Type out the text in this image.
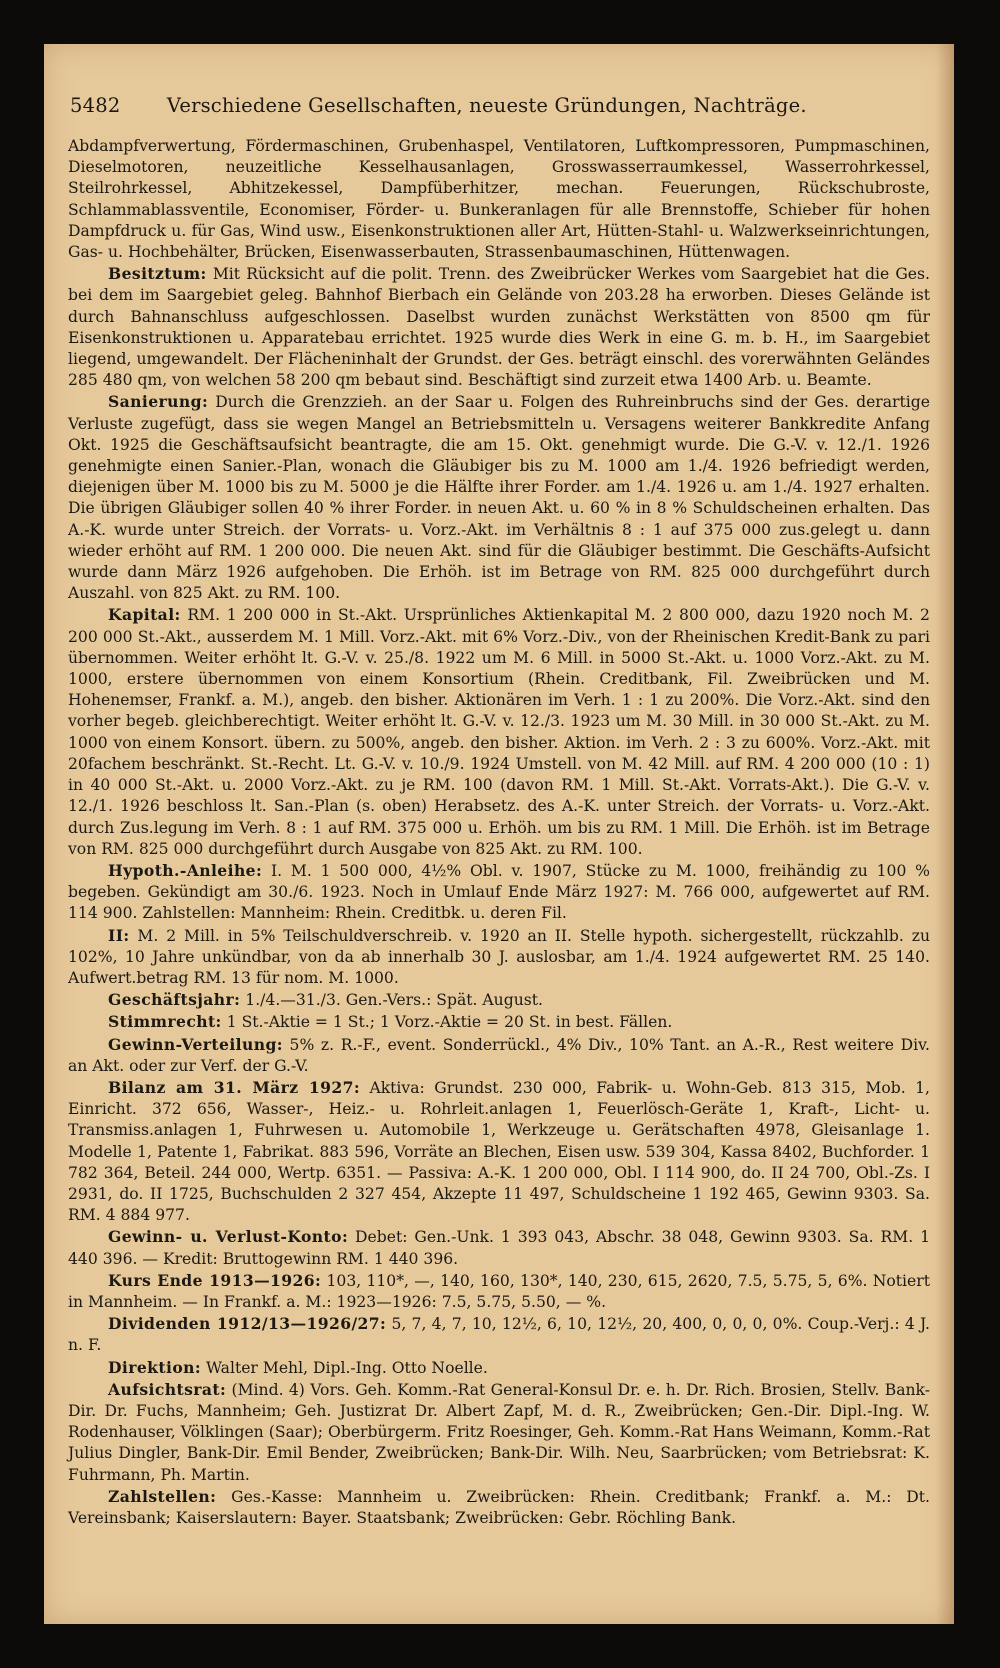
5482 Verschiedene Gesellschaften, neueste Gründungen, Nachträge.

Abdampfverwertung, Fördermaschinen, Grubenhaspel, Ventilatoren, Luftkompressoren, Pumpmaschinen, Dieselmotoren, neuzeitliche Kesselhausanlagen, Grosswasserraumkessel, Wasserrohrkessel, Steilrohrkessel, Abhitzekessel, Dampfüberhitzer, mechan. Feuerungen, Rückschubroste, Schlammablassventile, Economiser, Förder- u. Bunkeranlagen für alle Brennstoffe, Schieber für hohen Dampfdruck u. für Gas, Wind usw., Eisenkonstruktionen aller Art, Hütten-Stahl- u. Walzwerkseinrichtungen, Gas- u. Hochbehälter, Brücken, Eisenwasserbauten, Strassenbaumaschinen, Hüttenwagen.

Besitztum: Mit Rücksicht auf die polit. Trenn. des Zweibrücker Werkes vom Saargebiet hat die Ges. bei dem im Saargebiet geleg. Bahnhof Bierbach ein Gelände von 203.28 ha erworben. Dieses Gelände ist durch Bahnanschluss aufgeschlossen. Daselbst wurden zunächst Werkstätten von 8500 qm für Eisenkonstruktionen u. Apparatebau errichtet. 1925 wurde dies Werk in eine G. m. b. H., im Saargebiet liegend, umgewandelt. Der Flächeninhalt der Grundst. der Ges. beträgt einschl. des vorerwähnten Geländes 285 480 qm, von welchen 58 200 qm bebaut sind. Beschäftigt sind zurzeit etwa 1400 Arb. u. Beamte.

Sanierung: Durch die Grenzzieh. an der Saar u. Folgen des Ruhreinbruchs sind der Ges. derartige Verluste zugefügt, dass sie wegen Mangel an Betriebsmitteln u. Versagens weiterer Bankkredite Anfang Okt. 1925 die Geschäftsaufsicht beantragte, die am 15. Okt. genehmigt wurde. Die G.-V. v. 12./1. 1926 genehmigte einen Sanier.-Plan, wonach die Gläubiger bis zu M. 1000 am 1./4. 1926 befriedigt werden, diejenigen über M. 1000 bis zu M. 5000 je die Hälfte ihrer Forder. am 1./4. 1926 u. am 1./4. 1927 erhalten. Die übrigen Gläubiger sollen 40 % ihrer Forder. in neuen Akt. u. 60 % in 8 % Schuldscheinen erhalten. Das A.-K. wurde unter Streich. der Vorrats- u. Vorz.-Akt. im Verhältnis 8 : 1 auf 375 000 zus.gelegt u. dann wieder erhöht auf RM. 1 200 000. Die neuen Akt. sind für die Gläubiger bestimmt. Die Geschäfts-Aufsicht wurde dann März 1926 aufgehoben. Die Erhöh. ist im Betrage von RM. 825 000 durchgeführt durch Auszahl. von 825 Akt. zu RM. 100.

Kapital: RM. 1 200 000 in St.-Akt. Ursprünliches Aktienkapital M. 2 800 000, dazu 1920 noch M. 2 200 000 St.-Akt., ausserdem M. 1 Mill. Vorz.-Akt. mit 6% Vorz.-Div., von der Rheinischen Kredit-Bank zu pari übernommen. Weiter erhöht lt. G.-V. v. 25./8. 1922 um M. 6 Mill. in 5000 St.-Akt. u. 1000 Vorz.-Akt. zu M. 1000, erstere übernommen von einem Konsortium (Rhein. Creditbank, Fil. Zweibrücken und M. Hohenemser, Frankf. a. M.), angeb. den bisher. Aktionären im Verh. 1 : 1 zu 200%. Die Vorz.-Akt. sind den vorher begeb. gleichberechtigt. Weiter erhöht lt. G.-V. v. 12./3. 1923 um M. 30 Mill. in 30 000 St.-Akt. zu M. 1000 von einem Konsort. übern. zu 500%, angeb. den bisher. Aktion. im Verh. 2 : 3 zu 600%. Vorz.-Akt. mit 20fachem beschränkt. St.-Recht. Lt. G.-V. v. 10./9. 1924 Umstell. von M. 42 Mill. auf RM. 4 200 000 (10 : 1) in 40 000 St.-Akt. u. 2000 Vorz.-Akt. zu je RM. 100 (davon RM. 1 Mill. St.-Akt. Vorrats-Akt.). Die G.-V. v. 12./1. 1926 beschloss lt. San.-Plan (s. oben) Herabsetz. des A.-K. unter Streich. der Vorrats- u. Vorz.-Akt. durch Zus.legung im Verh. 8 : 1 auf RM. 375 000 u. Erhöh. um bis zu RM. 1 Mill. Die Erhöh. ist im Betrage von RM. 825 000 durchgeführt durch Ausgabe von 825 Akt. zu RM. 100.

Hypoth.-Anleihe: I. M. 1 500 000, 4½% Obl. v. 1907, Stücke zu M. 1000, freihändig zu 100 % begeben. Gekündigt am 30./6. 1923. Noch in Umlauf Ende März 1927: M. 766 000, aufgewertet auf RM. 114 900. Zahlstellen: Mannheim: Rhein. Creditbk. u. deren Fil.

II: M. 2 Mill. in 5% Teilschuldverschreib. v. 1920 an II. Stelle hypoth. sichergestellt, rückzahlb. zu 102%, 10 Jahre unkündbar, von da ab innerhalb 30 J. auslosbar, am 1./4. 1924 aufgewertet RM. 25 140. Aufwert.betrag RM. 13 für nom. M. 1000.

Geschäftsjahr: 1./4.—31./3. Gen.-Vers.: Spät. August.

Stimmrecht: 1 St.-Aktie = 1 St.; 1 Vorz.-Aktie = 20 St. in best. Fällen.

Gewinn-Verteilung: 5% z. R.-F., event. Sonderrückl., 4% Div., 10% Tant. an A.-R., Rest weitere Div. an Akt. oder zur Verf. der G.-V.

Bilanz am 31. März 1927: Aktiva: Grundst. 230 000, Fabrik- u. Wohn-Geb. 813 315, Mob. 1, Einricht. 372 656, Wasser-, Heiz.- u. Rohrleit.anlagen 1, Feuerlösch-Geräte 1, Kraft-, Licht- u. Transmiss.anlagen 1, Fuhrwesen u. Automobile 1, Werkzeuge u. Gerätschaften 4978, Gleisanlage 1. Modelle 1, Patente 1, Fabrikat. 883 596, Vorräte an Blechen, Eisen usw. 539 304, Kassa 8402, Buchforder. 1 782 364, Beteil. 244 000, Wertp. 6351. — Passiva: A.-K. 1 200 000, Obl. I 114 900, do. II 24 700, Obl.-Zs. I 2931, do. II 1725, Buchschulden 2 327 454, Akzepte 11 497, Schuldscheine 1 192 465, Gewinn 9303. Sa. RM. 4 884 977.

Gewinn- u. Verlust-Konto: Debet: Gen.-Unk. 1 393 043, Abschr. 38 048, Gewinn 9303. Sa. RM. 1 440 396. — Kredit: Bruttogewinn RM. 1 440 396.

Kurs Ende 1913—1926: 103, 110*, —, 140, 160, 130*, 140, 230, 615, 2620, 7.5, 5.75, 5, 6%. Notiert in Mannheim. — In Frankf. a. M.: 1923—1926: 7.5, 5.75, 5.50, — %.

Dividenden 1912/13—1926/27: 5, 7, 4, 7, 10, 12½, 6, 10, 12½, 20, 400, 0, 0, 0, 0%. Coup.-Verj.: 4 J. n. F.

Direktion: Walter Mehl, Dipl.-Ing. Otto Noelle.

Aufsichtsrat: (Mind. 4) Vors. Geh. Komm.-Rat General-Konsul Dr. e. h. Dr. Rich. Brosien, Stellv. Bank-Dir. Dr. Fuchs, Mannheim; Geh. Justizrat Dr. Albert Zapf, M. d. R., Zweibrücken; Gen.-Dir. Dipl.-Ing. W. Rodenhauser, Völklingen (Saar); Oberbürgerm. Fritz Roesinger, Geh. Komm.-Rat Hans Weimann, Komm.-Rat Julius Dingler, Bank-Dir. Emil Bender, Zweibrücken; Bank-Dir. Wilh. Neu, Saarbrücken; vom Betriebsrat: K. Fuhrmann, Ph. Martin.

Zahlstellen: Ges.-Kasse: Mannheim u. Zweibrücken: Rhein. Creditbank; Frankf. a. M.: Dt. Vereinsbank; Kaiserslautern: Bayer. Staatsbank; Zweibrücken: Gebr. Röchling Bank.
